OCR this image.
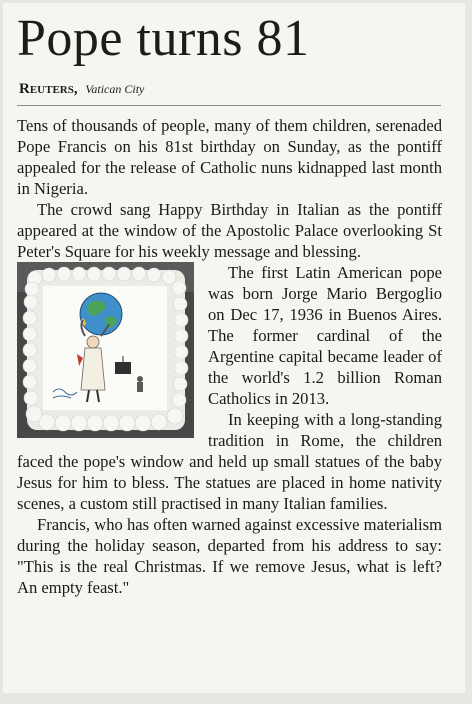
Pope turns 81
Reuters, Vatican City

Tens of thousands of people, many of them children, serenaded Pope Francis on his 81st birthday on Sunday, as the pontiff appealed for the release of Catholic nuns kidnapped last month in Nigeria.

The crowd sang Happy Birthday in Italian as the pontiff appeared at the window of the Apostolic Palace overlooking St Peter's Square for his weekly message and blessing.

The first Latin American pope was born Jorge Mario Bergoglio on Dec 17, 1936 in Buenos Aires. The former cardinal of the Argentine capital became leader of the world's 1.2 billion Roman Catholics in 2013.

In keeping with a long-standing tradition in Rome, the children faced the pope's window and held up small statues of the baby Jesus for him to bless. The statues are placed in home nativity scenes, a custom still practised in many Italian families.

Francis, who has often warned against excessive materialism during the holiday season, departed from his address to say: "This is the real Christmas. If we remove Jesus, what is left? An empty feast."
